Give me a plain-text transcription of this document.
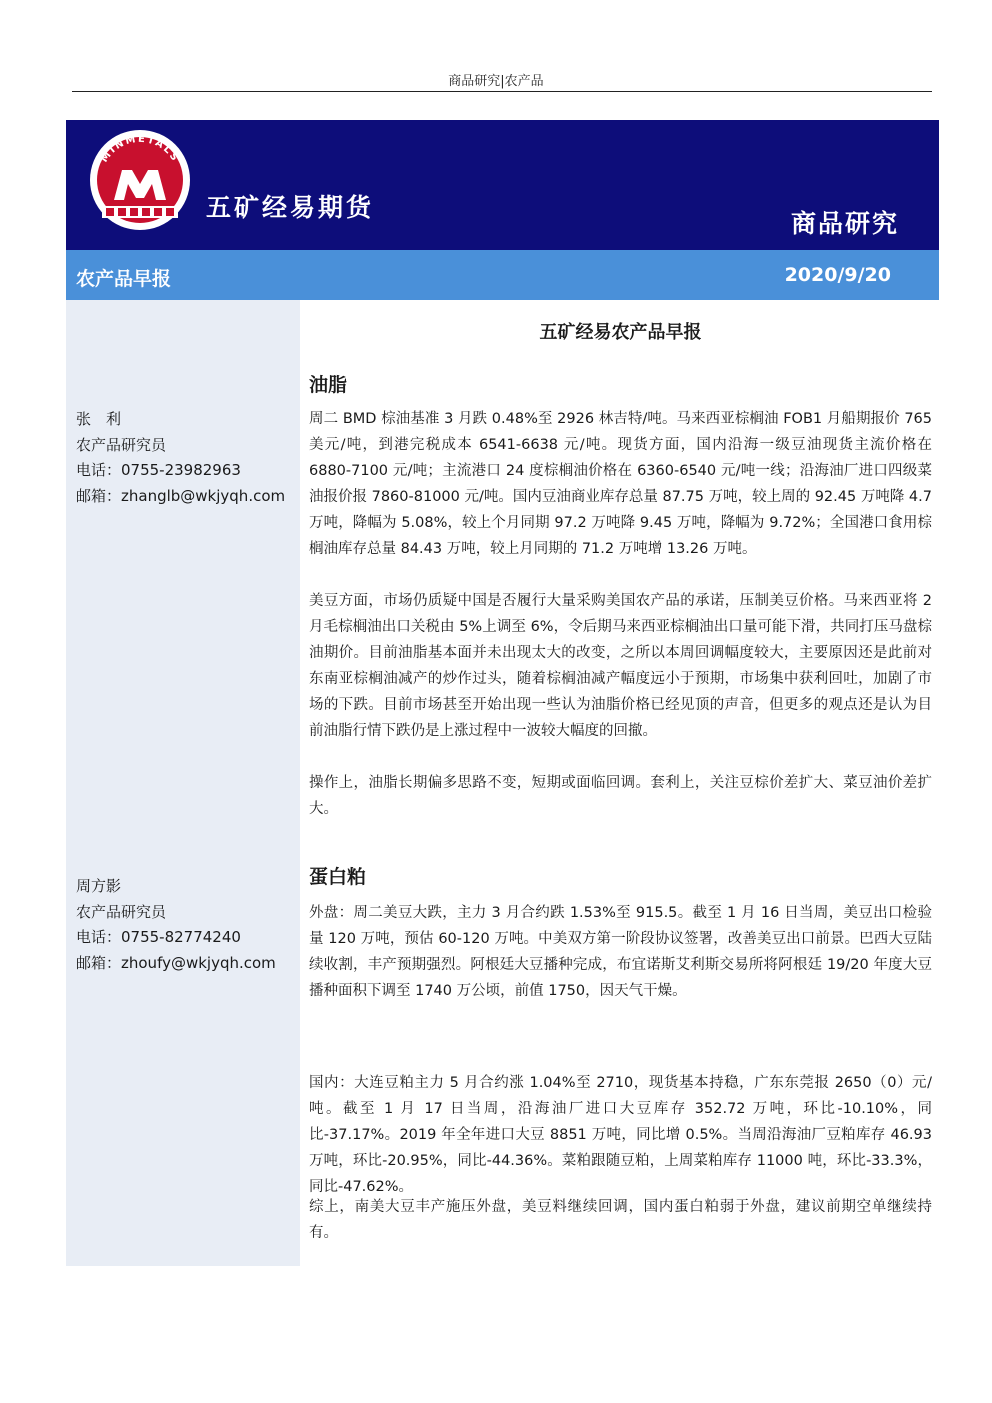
商品研究|农产品
MINMETALS
五矿经易期货
商品研究
农产品早报	2020/9/20
张　利
农产品研究员
电话：0755-23982963
邮箱：zhanglb@wkjyqh.com
周方影
农产品研究员
电话：0755-82774240
邮箱：zhoufy@wkjyqh.com
五矿经易农产品早报
油脂
周二 BMD 棕油基准 3 月跌 0.48%至 2926 林吉特/吨。马来西亚棕榈油 FOB1 月船期报价 765 美元/吨，到港完税成本 6541-6638 元/吨。现货方面，国内沿海一级豆油现货主流价格在 6880-7100 元/吨；主流港口 24 度棕榈油价格在 6360-6540 元/吨一线；沿海油厂进口四级菜油报价报 7860-81000 元/吨。国内豆油商业库存总量 87.75 万吨，较上周的 92.45 万吨降 4.7 万吨，降幅为 5.08%，较上个月同期 97.2 万吨降 9.45 万吨，降幅为 9.72%；全国港口食用棕榈油库存总量 84.43 万吨，较上月同期的 71.2 万吨增 13.26 万吨。
美豆方面，市场仍质疑中国是否履行大量采购美国农产品的承诺，压制美豆价格。马来西亚将 2 月毛棕榈油出口关税由 5%上调至 6%，令后期马来西亚棕榈油出口量可能下滑，共同打压马盘棕油期价。目前油脂基本面并未出现太大的改变，之所以本周回调幅度较大，主要原因还是此前对东南亚棕榈油减产的炒作过头，随着棕榈油减产幅度远小于预期，市场集中获利回吐，加剧了市场的下跌。目前市场甚至开始出现一些认为油脂价格已经见顶的声音，但更多的观点还是认为目前油脂行情下跌仍是上涨过程中一波较大幅度的回撤。
操作上，油脂长期偏多思路不变，短期或面临回调。套利上，关注豆棕价差扩大、菜豆油价差扩大。
蛋白粕
外盘：周二美豆大跌，主力 3 月合约跌 1.53%至 915.5。截至 1 月 16 日当周，美豆出口检验量 120 万吨，预估 60-120 万吨。中美双方第一阶段协议签署，改善美豆出口前景。巴西大豆陆续收割，丰产预期强烈。阿根廷大豆播种完成，布宜诺斯艾利斯交易所将阿根廷 19/20 年度大豆播种面积下调至 1740 万公顷，前值 1750，因天气干燥。
国内：大连豆粕主力 5 月合约涨 1.04%至 2710，现货基本持稳，广东东莞报 2650（0）元/吨。截至 1 月 17 日当周，沿海油厂进口大豆库存 352.72 万吨，环比-10.10%，同比-37.17%。2019 年全年进口大豆 8851 万吨，同比增 0.5%。当周沿海油厂豆粕库存 46.93 万吨，环比-20.95%，同比-44.36%。菜粕跟随豆粕，上周菜粕库存 11000 吨，环比-33.3%，同比-47.62%。
综上，南美大豆丰产施压外盘，美豆料继续回调，国内蛋白粕弱于外盘，建议前期空单继续持有。
